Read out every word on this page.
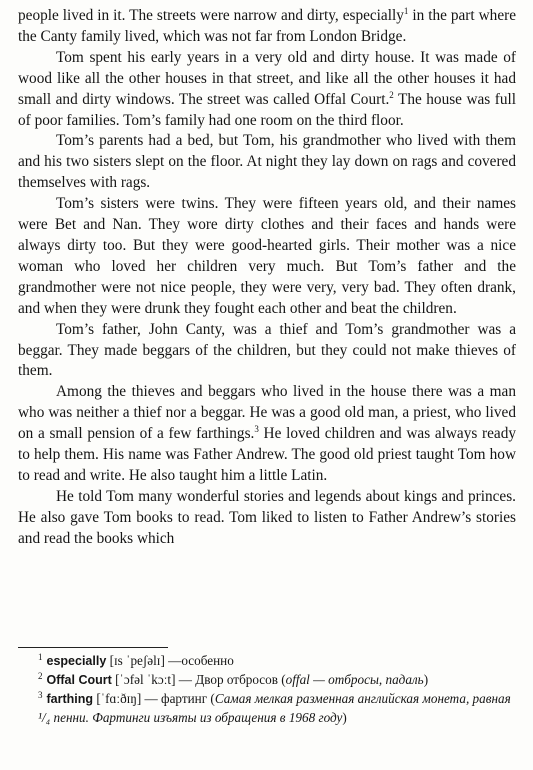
people lived in it. The streets were narrow and dirty, especially$^1$ in the part where the Canty family lived, which was not far from London Bridge.

Tom spent his early years in a very old and dirty house. It was made of wood like all the other houses in that street, and like all the other houses it had small and dirty windows. The street was called Offal Court.$^2$ The house was full of poor families. Tom’s family had one room on the third floor.

Tom’s parents had a bed, but Tom, his grandmother who lived with them and his two sisters slept on the floor. At night they lay down on rags and covered themselves with rags.

Tom’s sisters were twins. They were fifteen years old, and their names were Bet and Nan. They wore dirty clothes and their faces and hands were always dirty too. But they were good-hearted girls. Their mother was a nice woman who loved her children very much. But Tom’s father and the grandmother were not nice people, they were very, very bad. They often drank, and when they were drunk they fought each other and beat the children.

Tom’s father, John Canty, was a thief and Tom’s grandmother was a beggar. They made beggars of the children, but they could not make thieves of them.

Among the thieves and beggars who lived in the house there was a man who was neither a thief nor a beggar. He was a good old man, a priest, who lived on a small pension of a few farthings.$^3$ He loved children and was always ready to help them. His name was Father Andrew. The good old priest taught Tom how to read and write. He also taught him a little Latin.

He told Tom many wonderful stories and legends about kings and princes. He also gave Tom books to read. Tom liked to listen to Father Andrew’s stories and read the books which

$^1$ especially [ɪs ˈpeʃəlɪ] —особенно

$^2$ Offal Court [ˈɔfəl ˈkɔːt] — Двор отбросов (offal — отбросы, падаль)

$^3$ farthing [ˈfɑːðɪŋ] — фартинг (Самая мелкая разменная английская монета, равная ¹/₄ пенни. Фартинги изъяты из обращения в 1968 году)
